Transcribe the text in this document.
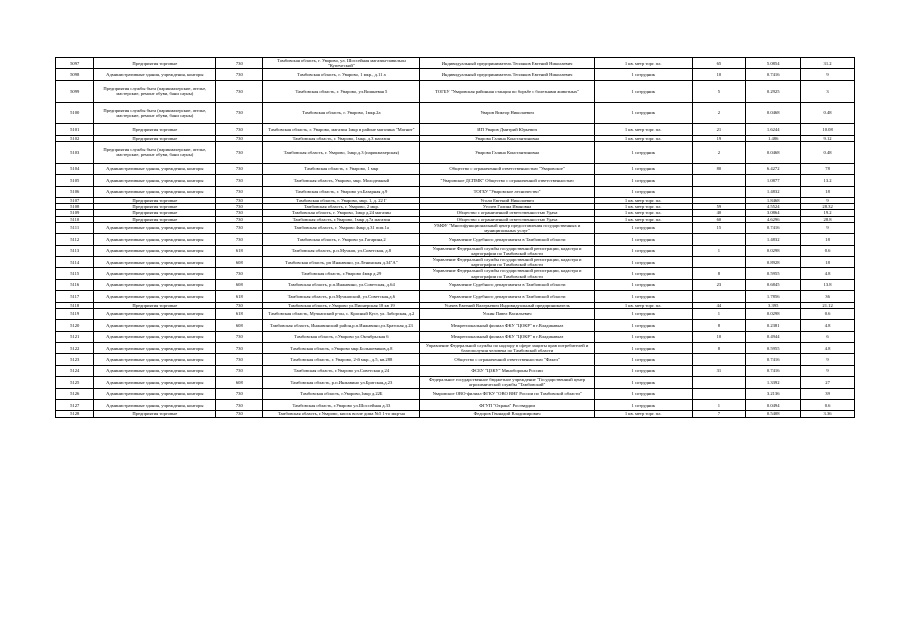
5097	Предприятия торговые	730	Тамбовская область, г. Уварово, ул. Шоссейная магазин-павильон "Купеческий"	Индивидуальный предприниматель Тепляков Евгений Николаевич	1 кв. метр торг. пл.	65	5.0854	31.2
5098	Административные здания, учреждения, конторы	730	Тамбовская область, г. Уварово, 1 мкр., д.11 а	Индивидуальный предприниматель Тепляков Евгений Николаевич	1 сотрудник	10	0.7416	9
5099	Предприятия службы быта (парикмахерские, ателье, мастерские, ремонт обуви, бани сауны)	730	Тамбовская область, г. Уварово, ул.Вишневая 5	ТОГБУ "Уваровская районная станция по борьбе с болезнями животных"	1 сотрудник	5	0.2925	3
5100	Предприятия службы быта (парикмахерские, ателье, мастерские, ремонт обуви, бани сауны)	730	Тамбовская область, г. Уварово, 1мкр.2а	Уваров Виктор Николаевич	1 сотрудник	2	0.0468	0.48
5101	Предприятия торговые	730	Тамбовская область, г. Уварово, магазин 1мкр в районе магазина "Магнит"	ИП Уваров Дмитрий Юрьевич	1 кв. метр торг. пл.	21	1.6244	10.08
5102	Предприятия торговые	730	Тамбовская область, г. Уварово, 1мкр, д.3 магазин	Уварова Галина Константиновна	1 кв. метр торг. пл.	19	1.486	9.12
5103	Предприятия службы быта (парикмахерские, ателье, мастерские, ремонт обуви, бани сауны)	730	Тамбовская область, г. Уварово, 1мкр.д.3 (парикмахерская)	Уварова Галина Константиновна	1 сотрудник	2	0.0468	0.48
5104	Административные здания, учреждения, конторы	730	Тамбовская область, г. Уварово, 1 мкр	Общество с ограниченной ответственностью "Уваровское"	1 сотрудник	80	6.4272	78
5105	Административные здания, учреждения, конторы	730	Тамбовская область, Уварово, мкр. Молодежный	"Уваровское ДСПМК" Общество с ограниченной ответственностью	1 сотрудник		1.0877	13.2
5106	Административные здания, учреждения, конторы	730	Тамбовская область, г. Уварово ул.Базарная д.9	ТОГБУ "Уваровское лесничество"	1 сотрудник		1.4832	18
5107	Предприятия торговые	730	Тамбовская область, г. Уварово, мкр. 1, д. 22 Г	Уголи Евгений Николаевич	1 кв. метр торг. пл.		1.8468	9
5108	Предприятия торговые	730	Тамбовская область, г. Уварово, 2 мкр.	Уголев Галина Ивановна	1 кв. метр торг. пл.	59	4.5524	28.32
5109	Предприятия торговые	730	Тамбовская область, г. Уварово, 1мкр д.24 магазин	Общество с ограниченной ответственностью Удача	1 кв. метр торг. пл.	40	3.0864	19.2
5110	Предприятия торговые	730	Тамбовская область, г.Уварово, 1мкр д.7а магазин	Общество с ограниченной ответственностью Удача	1 кв. метр торг. пл.	60	4.6296	28.8
5111	Административные здания, учреждения, конторы	730	Тамбовская область, г. Уварово 4мкр д.31 пом.1а	УМФУ "Многофункциональный центр предоставления государственных и муниципальных услуг"	1 сотрудник	15	0.7416	9
5112	Административные здания, учреждения, конторы	730	Тамбовская область, г. Уварово ул.Гагарина,2	Управление Судебного департамента в Тамбовской области	1 сотрудник		1.4832	18
5113	Административные здания, учреждения, конторы	618	Тамбовская область, р.п.Мучкап, ул.Советская, д.8	Управление Федеральной службы государственной регистрации, кадастра и картографии по Тамбовской области	1 сотрудник	1	0.0298	0.6
5114	Административные здания, учреждения, конторы	608	Тамбовская область, рп Инжавино, ул.Ленинская д.34"А"	Управление Федеральной службы государственной регистрации, кадастра и картографии по Тамбовской области	1 сотрудник		0.8928	18
5115	Административные здания, учреждения, конторы	730	Тамбовская область, г.Уварово 4мкр д.29	Управление Федеральной службы государственной регистрации, кадастра и картографии по Тамбовской области	1 сотрудник	8	0.5955	4.8
5116	Административные здания, учреждения, конторы	608	Тамбовская область, р.п.Инжавино, ул.Советская, д.64	Управление Судебного департамента в Тамбовской области	1 сотрудник	23	0.6845	13.8
5117	Административные здания, учреждения, конторы	618	Тамбовская область, р.п.Мучкапский, ул.Советская,д.6	Управление Судебного департамента в Тамбовской области	1 сотрудник		1.7856	36
5118	Предприятия торговые	730	Тамбовская область, г.Уварово ул.Пионерская 18 кв 19	Усачев Евгений Валерьевич Индивидуальный предприниматель	1 кв. метр торг. пл.	44	3.395	21.12
5119	Административные здания, учреждения, конторы	618	Тамбовская область, Мучкапский р-он, с. Красный Куст, ул. Заборская, д.2	Ускин Павел Васильевич	1 сотрудник	1	0.0298	0.6
5120	Административные здания, учреждения, конторы	608	Тамбовская область, Инжавинский район,р.п.Инжавино,ул.Братская д.23	Межрегиональный филиал ФКУ "ЦОКР" в г.Владикавказ	1 сотрудник	8	0.2381	4.8
5121	Административные здания, учреждения, конторы	730	Тамбовская область, г.Уварово ул.Октябрьская 6	Межрегиональный филиал ФКУ "ЦОКР" в г.Владикавказ	1 сотрудник	10	0.4944	6
5122	Административные здания, учреждения, конторы	730	Тамбовская область, г.Уварово мкр.Большевиков,д.8	Управление Федеральной службы по надзору в сфере защиты прав потребителей и благополучия человека по Тамбовской области	1 сотрудник	8	0.5955	4.8
5123	Административные здания, учреждения, конторы	730	Тамбовская область, г. Уварово, 2-й мкр., д.5, кв.288	Общество с ограниченной ответственностью "Факел"	1 сотрудник		0.7416	9
5124	Административные здания, учреждения, конторы	730	Тамбовская область, г.Уварово ул.Советская д.24	ФСБУ "ЦЗКУ" Минобороны России	1 сотрудник	31	0.7416	9
5125	Административные здания, учреждения, конторы	608	Тамбовская область, р.п.Инжавино ул.Братская,д.23	Федеральное государственное бюджетное учреждение "Государственный центр агрохимической службы "Тамбовский"	1 сотрудник		1.3392	27
5126	Административные здания, учреждения, конторы	730	Тамбовская область, г.Уварово,1мкр д.22Б	Уваровское ОВО-филиал ФГКУ "ОВО ВНГ России по Тамбовской области"	1 сотрудник		3.2136	39
5127	Административные здания, учреждения, конторы	730	Тамбовская область, г.Уварово ул.Шоссейная д.33	ФГУП "Охрана" Росгвардии	1 сотрудник	1	0.0494	0.6
5128	Предприятия торговые	730	Тамбовская область, г.Уварово, киоск возле дома №5 1-го мкр-на	Федоров Геннадий Владимирович	1 кв. метр торг. пл.	7	0.5408	3.36
